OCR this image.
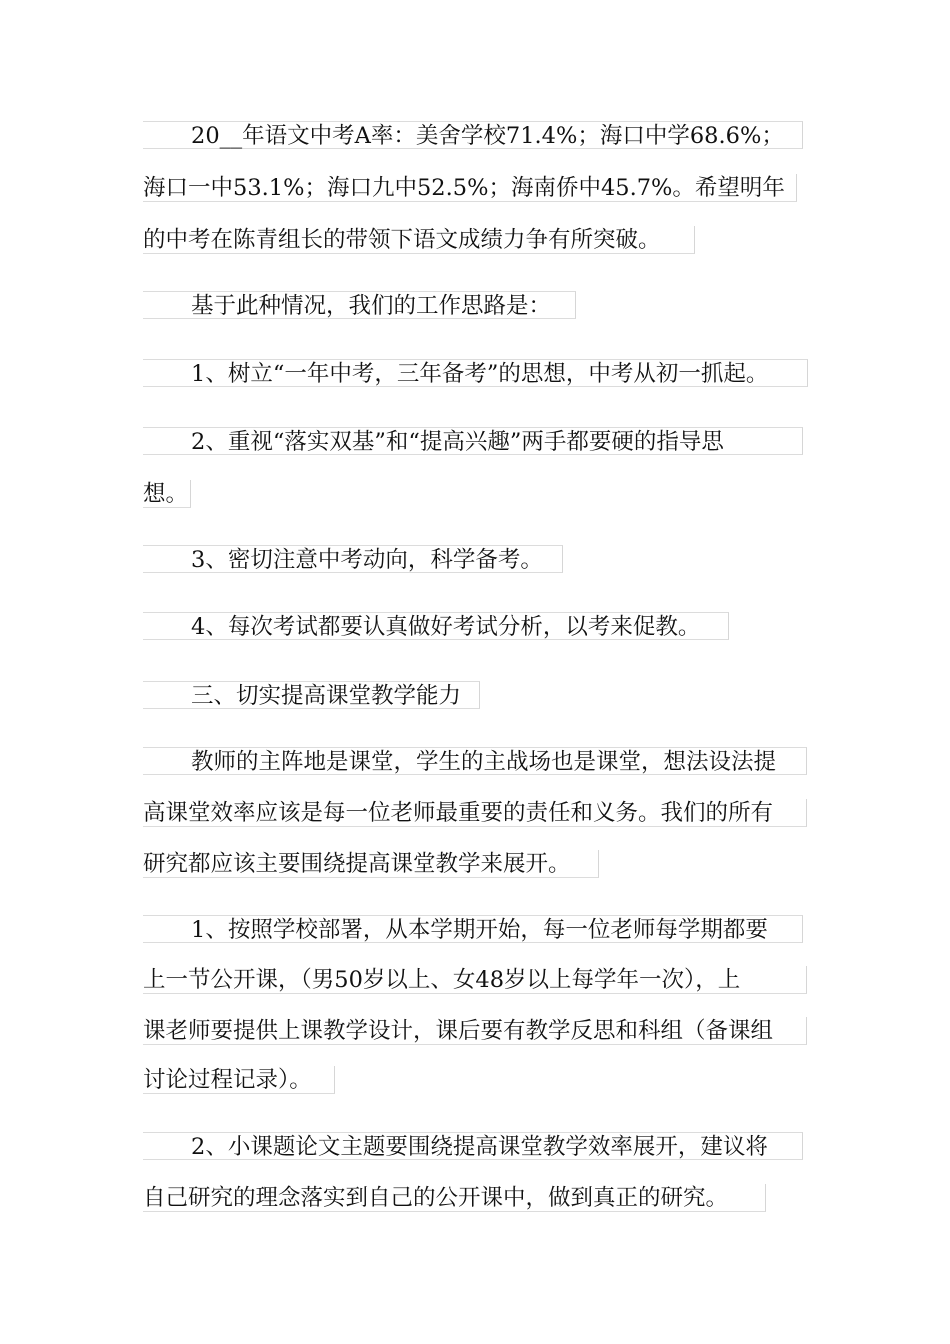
20__年语文中考A率：美舍学校71.4%；海口中学68.6%；
海口一中53.1%；海口九中52.5%；海南侨中45.7%。希望明年
的中考在陈青组长的带领下语文成绩力争有所突破。
基于此种情况，我们的工作思路是：
1、树立“一年中考，三年备考”的思想，中考从初一抓起。
2、重视“落实双基”和“提高兴趣”两手都要硬的指导思
想。
3、密切注意中考动向，科学备考。
4、每次考试都要认真做好考试分析，以考来促教。
三、切实提高课堂教学能力
教师的主阵地是课堂，学生的主战场也是课堂，想法设法提
高课堂效率应该是每一位老师最重要的责任和义务。我们的所有
研究都应该主要围绕提高课堂教学来展开。
1、按照学校部署，从本学期开始，每一位老师每学期都要
上一节公开课，（男50岁以上、女48岁以上每学年一次），上
课老师要提供上课教学设计，课后要有教学反思和科组（备课组
讨论过程记录）。
2、小课题论文主题要围绕提高课堂教学效率展开，建议将
自己研究的理念落实到自己的公开课中，做到真正的研究。
